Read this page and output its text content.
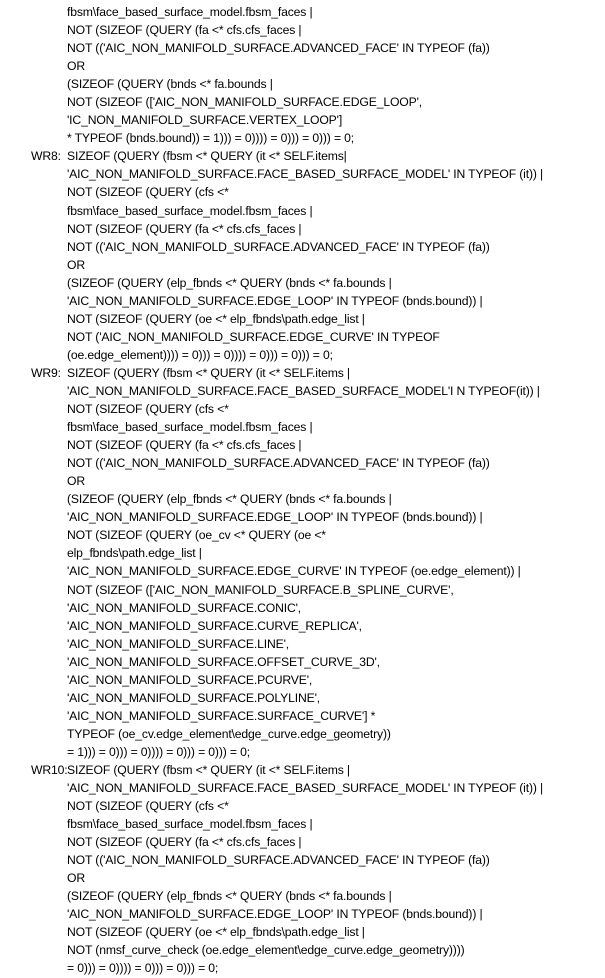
fbsm\face_based_surface_model.fbsm_faces |
NOT (SIZEOF (QUERY (fa <* cfs.cfs_faces |
NOT (('AIC_NON_MANIFOLD_SURFACE.ADVANCED_FACE' IN TYPEOF (fa))
OR
(SIZEOF (QUERY (bnds <* fa.bounds |
NOT (SIZEOF (['AIC_NON_MANIFOLD_SURFACE.EDGE_LOOP',
'IC_NON_MANIFOLD_SURFACE.VERTEX_LOOP']
* TYPEOF (bnds.bound)) = 1))) = 0)))) = 0))) = 0))) = 0;
WR8: SIZEOF (QUERY (fbsm <* QUERY (it <* SELF.items|
'AIC_NON_MANIFOLD_SURFACE.FACE_BASED_SURFACE_MODEL' IN TYPEOF (it)) |
NOT (SIZEOF (QUERY (cfs <*
fbsm\face_based_surface_model.fbsm_faces |
NOT (SIZEOF (QUERY (fa <* cfs.cfs_faces |
NOT (('AIC_NON_MANIFOLD_SURFACE.ADVANCED_FACE' IN TYPEOF (fa))
OR
(SIZEOF (QUERY (elp_fbnds <* QUERY (bnds <* fa.bounds |
'AIC_NON_MANIFOLD_SURFACE.EDGE_LOOP' IN TYPEOF (bnds.bound)) |
NOT (SIZEOF (QUERY (oe <* elp_fbnds\path.edge_list |
NOT ('AIC_NON_MANIFOLD_SURFACE.EDGE_CURVE' IN TYPEOF
(oe.edge_element)))) = 0))) = 0)))) = 0))) = 0))) = 0;
WR9: SIZEOF (QUERY (fbsm <* QUERY (it <* SELF.items |
'AIC_NON_MANIFOLD_SURFACE.FACE_BASED_SURFACE_MODEL'I N TYPEOF(it)) |
NOT (SIZEOF (QUERY (cfs <*
fbsm\face_based_surface_model.fbsm_faces |
NOT (SIZEOF (QUERY (fa <* cfs.cfs_faces |
NOT (('AIC_NON_MANIFOLD_SURFACE.ADVANCED_FACE' IN TYPEOF (fa))
OR
(SIZEOF (QUERY (elp_fbnds <* QUERY (bnds <* fa.bounds |
'AIC_NON_MANIFOLD_SURFACE.EDGE_LOOP' IN TYPEOF (bnds.bound)) |
NOT (SIZEOF (QUERY (oe_cv <* QUERY (oe <*
elp_fbnds\path.edge_list |
'AIC_NON_MANIFOLD_SURFACE.EDGE_CURVE' IN TYPEOF (oe.edge_element)) |
NOT (SIZEOF (['AIC_NON_MANIFOLD_SURFACE.B_SPLINE_CURVE',
'AIC_NON_MANIFOLD_SURFACE.CONIC',
'AIC_NON_MANIFOLD_SURFACE.CURVE_REPLICA',
'AIC_NON_MANIFOLD_SURFACE.LINE',
'AIC_NON_MANIFOLD_SURFACE.OFFSET_CURVE_3D',
'AIC_NON_MANIFOLD_SURFACE.PCURVE',
'AIC_NON_MANIFOLD_SURFACE.POLYLINE',
'AIC_NON_MANIFOLD_SURFACE.SURFACE_CURVE'] *
TYPEOF (oe_cv.edge_element\edge_curve.edge_geometry))
= 1))) = 0))) = 0)))) = 0))) = 0))) = 0;
WR10: SIZEOF (QUERY (fbsm <* QUERY (it <* SELF.items |
'AIC_NON_MANIFOLD_SURFACE.FACE_BASED_SURFACE_MODEL' IN TYPEOF (it)) |
NOT (SIZEOF (QUERY (cfs <*
fbsm\face_based_surface_model.fbsm_faces |
NOT (SIZEOF (QUERY (fa <* cfs.cfs_faces |
NOT (('AIC_NON_MANIFOLD_SURFACE.ADVANCED_FACE' IN TYPEOF (fa))
OR
(SIZEOF (QUERY (elp_fbnds <* QUERY (bnds <* fa.bounds |
'AIC_NON_MANIFOLD_SURFACE.EDGE_LOOP' IN TYPEOF (bnds.bound)) |
NOT (SIZEOF (QUERY (oe <* elp_fbnds\path.edge_list |
NOT (nmsf_curve_check (oe.edge_element\edge_curve.edge_geometry))))
= 0))) = 0)))) = 0))) = 0))) = 0;
